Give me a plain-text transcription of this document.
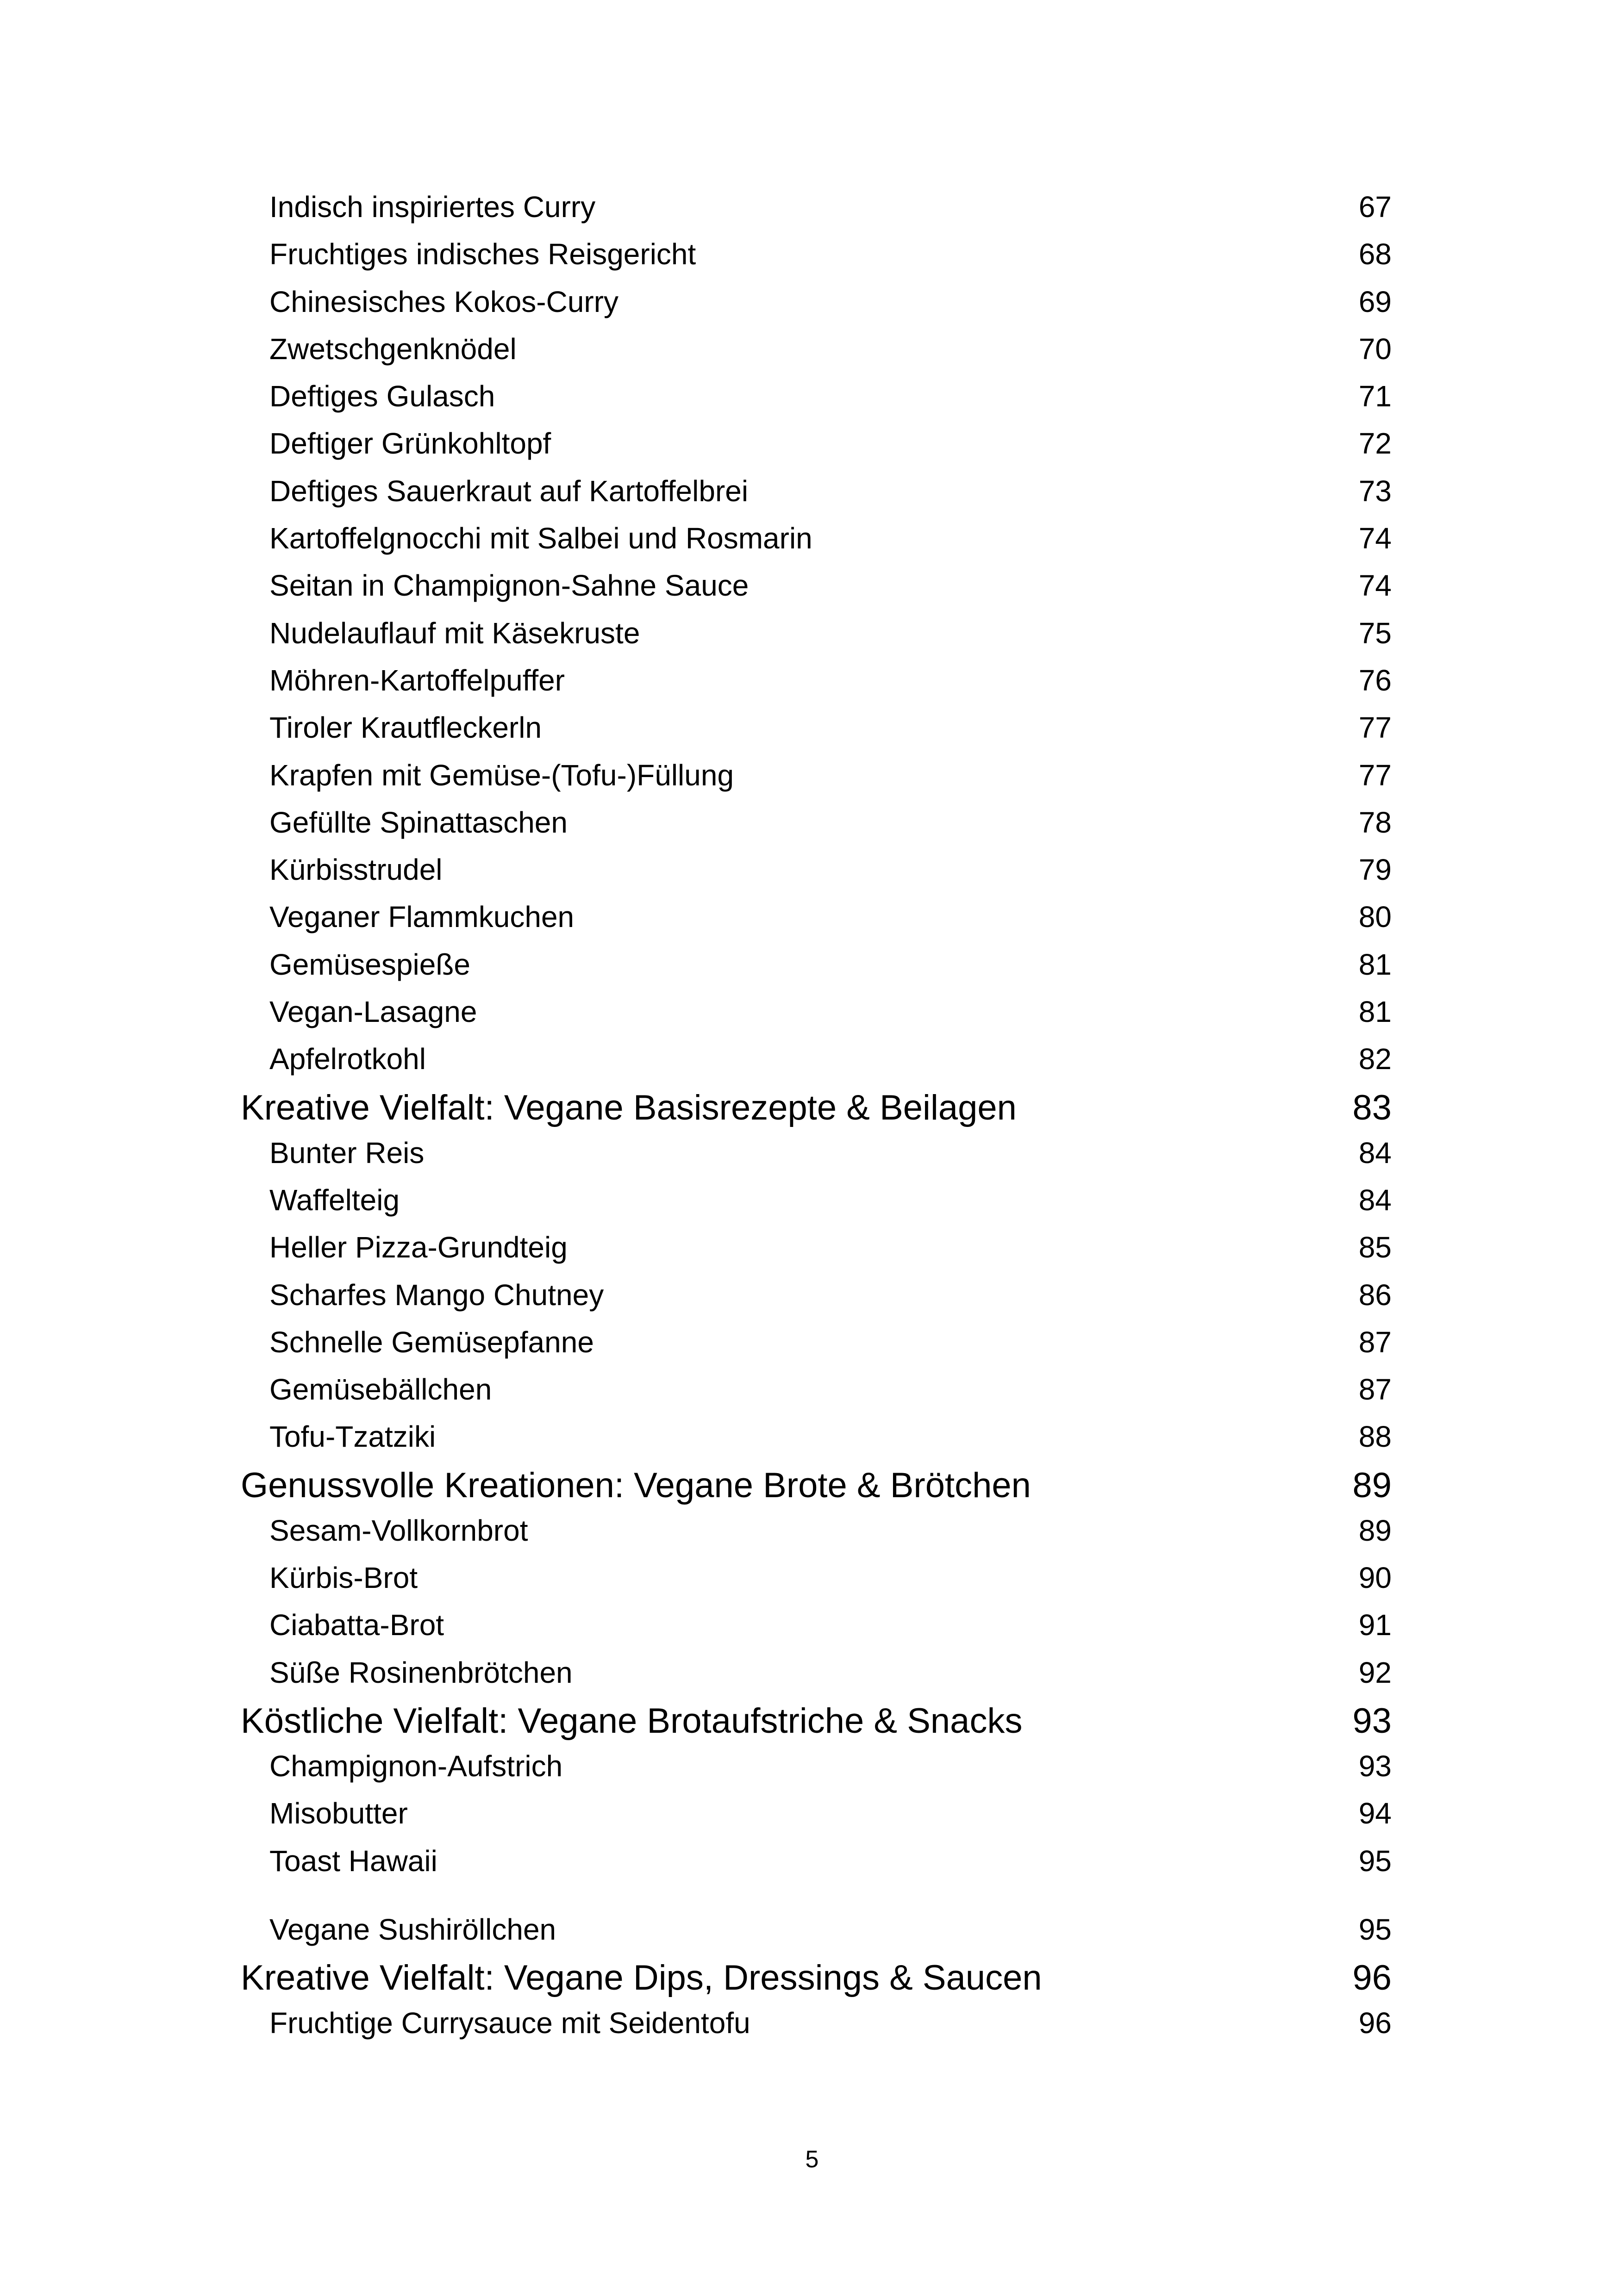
Indisch inspiriertes Curry	67
Fruchtiges indisches Reisgericht	68
Chinesisches Kokos-Curry	69
Zwetschgenknödel	70
Deftiges Gulasch	71
Deftiger Grünkohltopf	72
Deftiges Sauerkraut auf Kartoffelbrei	73
Kartoffelgnocchi mit Salbei und Rosmarin	74
Seitan in Champignon-Sahne Sauce	74
Nudelauflauf mit Käsekruste	75
Möhren-Kartoffelpuffer	76
Tiroler Krautfleckerln	77
Krapfen mit Gemüse-(Tofu-)Füllung	77
Gefüllte Spinattaschen	78
Kürbisstrudel	79
Veganer Flammkuchen	80
Gemüsespieße	81
Vegan-Lasagne	81
Apfelrotkohl	82
Kreative Vielfalt: Vegane Basisrezepte & Beilagen	83
Bunter Reis	84
Waffelteig	84
Heller Pizza-Grundteig	85
Scharfes Mango Chutney	86
Schnelle Gemüsepfanne	87
Gemüsebällchen	87
Tofu-Tzatziki	88
Genussvolle Kreationen: Vegane Brote & Brötchen	89
Sesam-Vollkornbrot	89
Kürbis-Brot	90
Ciabatta-Brot	91
Süße Rosinenbrötchen	92
Köstliche Vielfalt: Vegane Brotaufstriche & Snacks	93
Champignon-Aufstrich	93
Misobutter	94
Toast Hawaii	95
Vegane Sushiröllchen	95
Kreative Vielfalt: Vegane Dips, Dressings & Saucen	96
Fruchtige Currysauce mit Seidentofu	96
5
